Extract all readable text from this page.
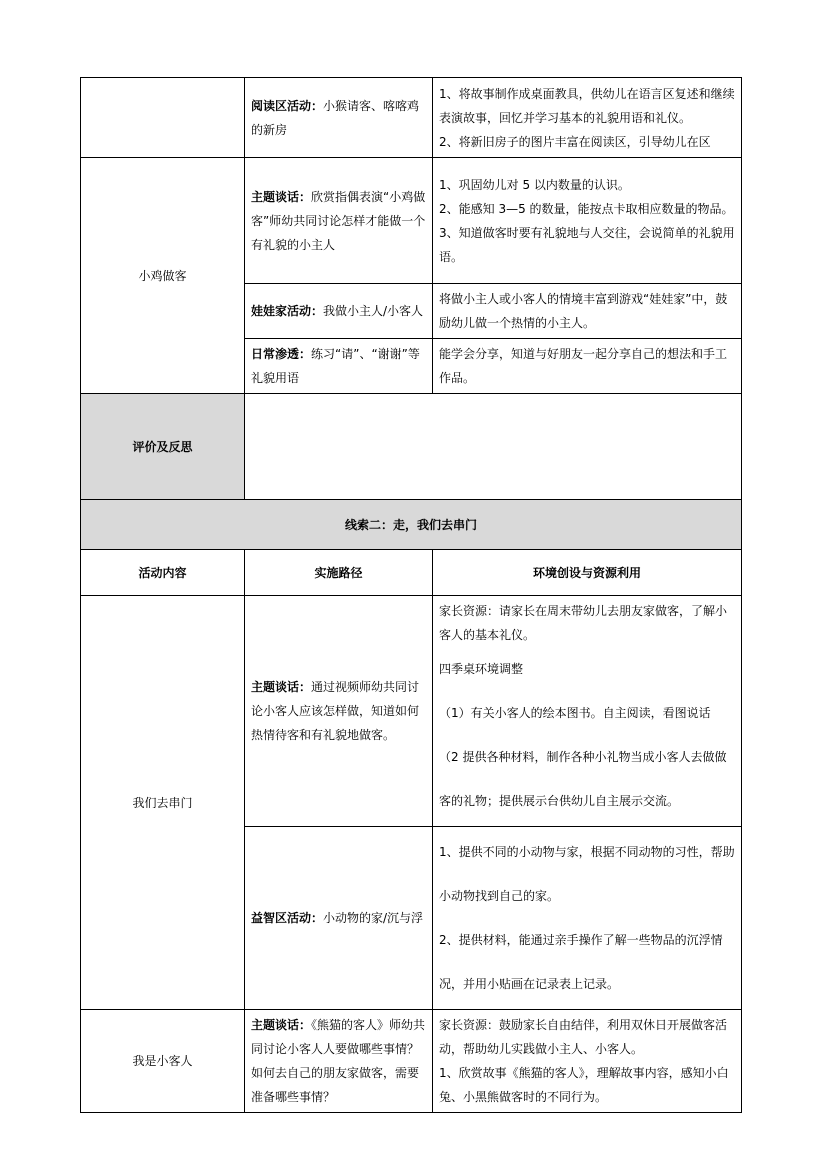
	阅读区活动：小猴请客、喀喀鸡的新房	1、将故事制作成桌面教具，供幼儿在语言区复述和继续表演故事，回忆并学习基本的礼貌用语和礼仪。

2、将新旧房子的图片丰富在阅读区，引导幼儿在区

小鸡做客	主题谈话：欣赏指偶表演“小鸡做客”师幼共同讨论怎样才能做一个有礼貌的小主人	1、巩固幼儿对 5 以内数量的认识。

2、能感知 3—5 的数量，能按点卡取相应数量的物品。

3、知道做客时要有礼貌地与人交往，会说简单的礼貌用语。

	娃娃家活动：我做小主人/小客人	将做小主人或小客人的情境丰富到游戏“娃娃家”中，鼓励幼儿做一个热情的小主人。

	日常渗透：练习“请”、“谢谢”等礼貌用语	能学会分享，知道与好朋友一起分享自己的想法和手工作品。

评价及反思		
线索二：走，我们去串门		
活动内容	实施路径	环境创设与资源利用
我们去串门	主题谈话：通过视频师幼共同讨论小客人应该怎样做，知道如何热情待客和有礼貌地做客。	家长资源：请家长在周末带幼儿去朋友家做客，了解小客人的基本礼仪。

四季桌环境调整

（1）有关小客人的绘本图书。自主阅读，看图说话

（2 提供各种材料，制作各种小礼物当成小客人去做做客的礼物；提供展示台供幼儿自主展示交流。

	益智区活动：小动物的家/沉与浮	1、提供不同的小动物与家，根据不同动物的习性，帮助小动物找到自己的家。

2、提供材料，能通过亲手操作了解一些物品的沉浮情况，并用小贴画在记录表上记录。

我是小客人	主题谈话：《熊猫的客人》师幼共同讨论小客人人要做哪些事情？如何去自己的朋友家做客，需要准备哪些事情？	家长资源：鼓励家长自由结伴，利用双休日开展做客活动，帮助幼儿实践做小主人、小客人。

1、欣赏故事《熊猫的客人》，理解故事内容，感知小白兔、小黑熊做客时的不同行为。
